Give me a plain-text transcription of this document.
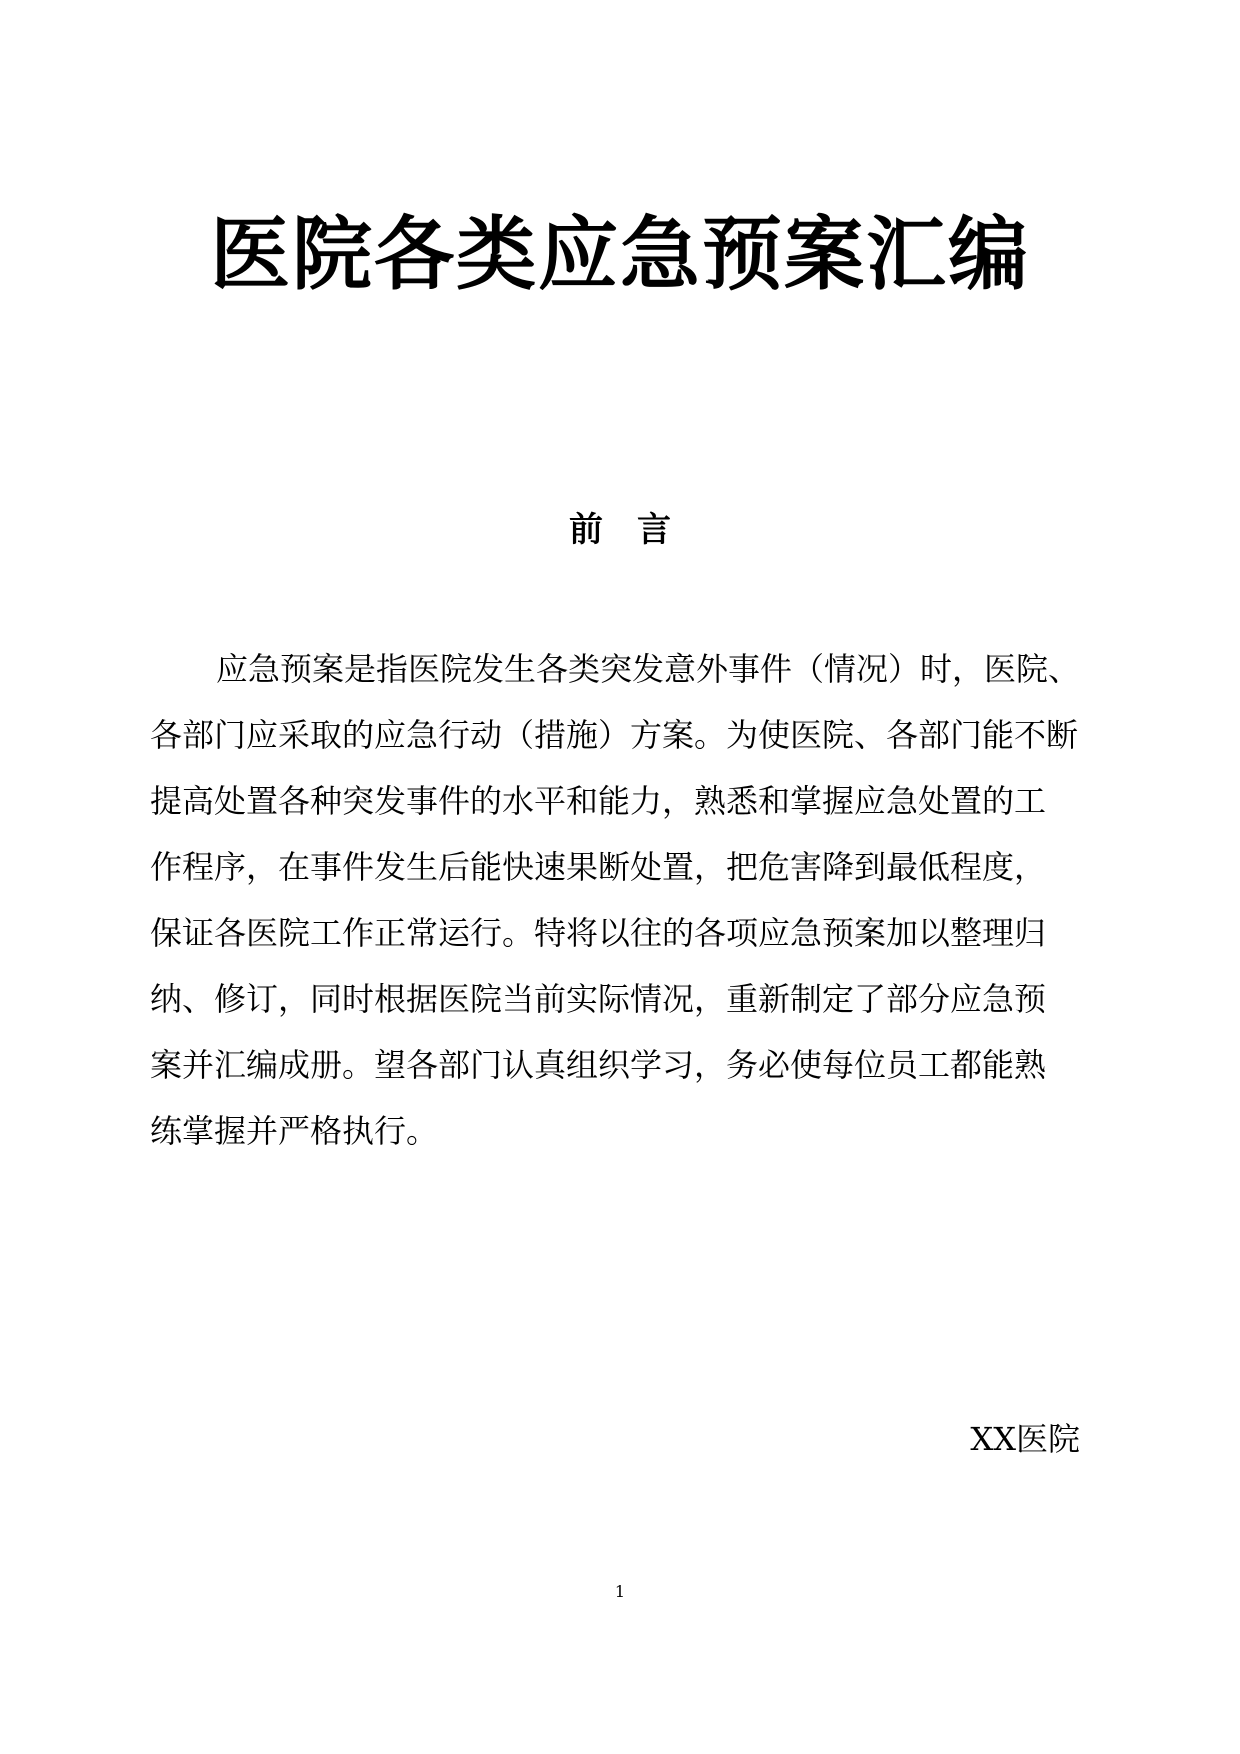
医院各类应急预案汇编
前　言
应急预案是指医院发生各类突发意外事件（情况）时，医院、
各部门应采取的应急行动（措施）方案。为使医院、各部门能不断
提高处置各种突发事件的水平和能力，熟悉和掌握应急处置的工
作程序，在事件发生后能快速果断处置，把危害降到最低程度，
保证各医院工作正常运行。特将以往的各项应急预案加以整理归
纳、修订，同时根据医院当前实际情况，重新制定了部分应急预
案并汇编成册。望各部门认真组织学习，务必使每位员工都能熟
练掌握并严格执行。
XX医院
1
